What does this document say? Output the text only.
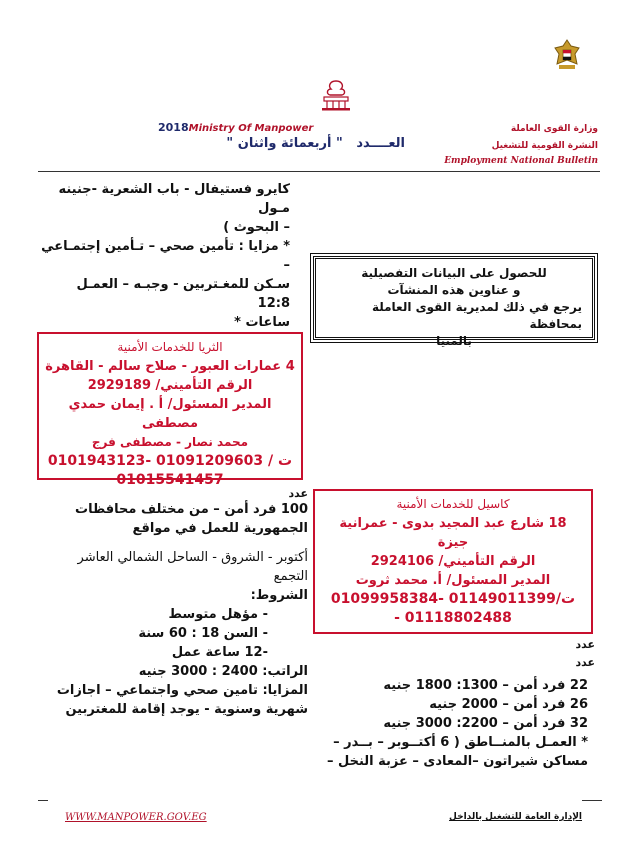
وزارة القوى العاملة
النشرة القومية للتشغيل
Employment National Bulletin
2018Ministry Of Manpower
العــــدد   " أربعمائة واثنان "
كايرو فستيفال - باب الشعرية -جنينه مـول
– البحوث )
* مزايا : تأمين صحي – تـأمين إجتمـاعي –
سـكن للمغـتربين - وجبـه – العمـل 12:8
ساعات *
للحصول على البيانات التفصيلية
و عناوين هذه المنشآت
يرجع في ذلك لمديرية القوى العاملة بمحافظة
بالمنيا
الثريا للخدمات الأمنية
4 عمارات العبور - صلاح سالم - القاهرة
الرقم التأميني/ 2929189
المدير المسئول/ أ . إيمان حمدي مصطفى
محمد نصار - مصطفى فرج
ت / 01091209603 -0101943123
01015541457
عدد
100 فرد أمن – من مختلف محافظات
الجمهورية للعمل في مواقع
أكتوبر - الشروق - الساحل الشمالي العاشر
التجمع
الشروط:
- مؤهل متوسط
- السن 18 : 60 سنة
-12 ساعة عمل
الراتب: 2400 : 3000 جنيه
المزايا: تامين صحي واجتماعي – اجازات
شهرية وسنوية - يوجد إقامة للمغتربين
كاسيل للخدمات الأمنية
18 شارع عبد المجيد بدوى - عمرانية
جيزة
الرقم التأميني/ 2924106
المدير المسئول/ أ. محمد ثروت
ت/01149011399 -01099958384
01118802488 -
عدد
عدد
22 فرد أمن – 1300: 1800 جنيه
26 فرد أمن – 2000 جنيه
32 فرد أمن – 2200: 3000 جنيه
* العمـل بالمنــاطق ( 6 أكتــوبر – بــدر –
مساكن شيراتون –المعادى – عزبة النخل –
WWW.MANPOWER.GOV.EG	الإدارة العامة للتشغيل بالداخل
